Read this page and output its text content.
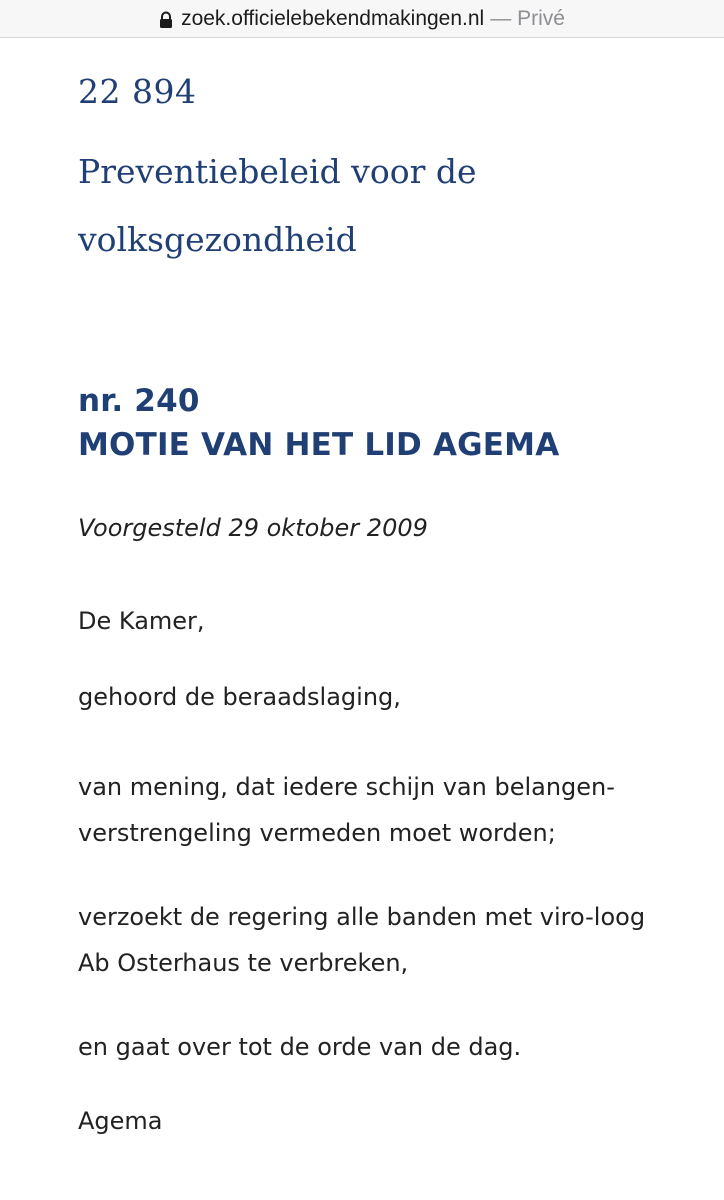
zoek.officielebekendmakingen.nl — Privé
22 894
Preventiebeleid voor de volksgezondheid
nr. 240
MOTIE VAN HET LID AGEMA
Voorgesteld 29 oktober 2009
De Kamer,
gehoord de beraadslaging,
van mening, dat iedere schijn van belangen-verstrengeling vermeden moet worden;
verzoekt de regering alle banden met viro-loog Ab Osterhaus te verbreken,
en gaat over tot de orde van de dag.
Agema
